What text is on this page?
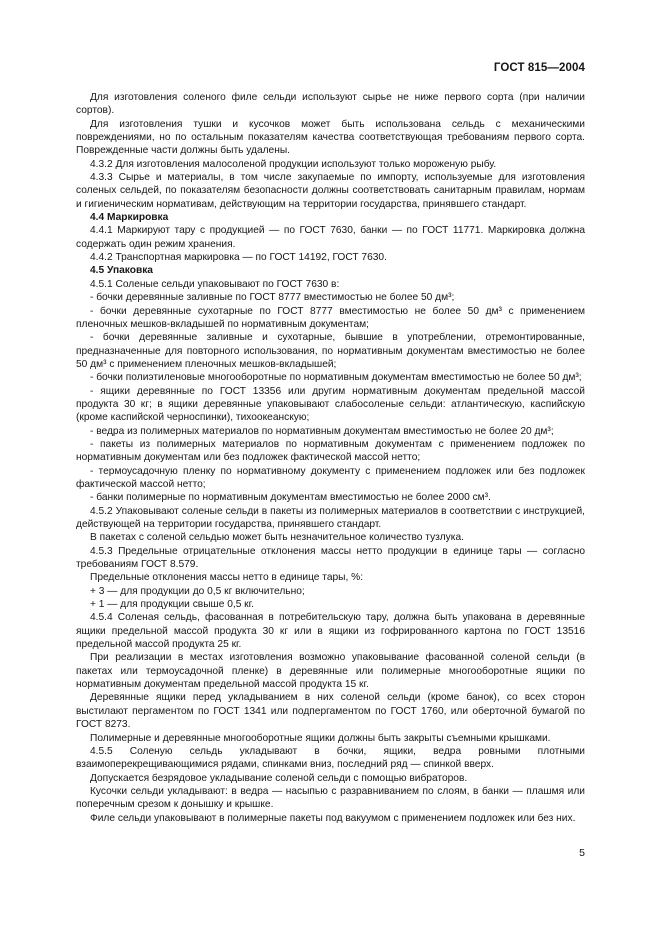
ГОСТ 815—2004

Для изготовления соленого филе сельди используют сырье не ниже первого сорта (при наличии сортов).

Для изготовления тушки и кусочков может быть использована сельдь с механическими повреждениями, но по остальным показателям качества соответствующая требованиям первого сорта. Поврежденные части должны быть удалены.

4.3.2 Для изготовления малосоленой продукции используют только мороженую рыбу.

4.3.3 Сырье и материалы, в том числе закупаемые по импорту, используемые для изготовления соленых сельдей, по показателям безопасности должны соответствовать санитарным правилам, нормам и гигиеническим нормативам, действующим на территории государства, принявшего стандарт.

4.4 Маркировка

4.4.1 Маркируют тару с продукцией — по ГОСТ 7630, банки — по ГОСТ 11771. Маркировка должна содержать один режим хранения.

4.4.2 Транспортная маркировка — по ГОСТ 14192, ГОСТ 7630.

4.5 Упаковка

4.5.1 Соленые сельди упаковывают по ГОСТ 7630 в:

- бочки деревянные заливные по ГОСТ 8777 вместимостью не более 50 дм³;

- бочки деревянные сухотарные по ГОСТ 8777 вместимостью не более 50 дм³ с применением пленочных мешков-вкладышей по нормативным документам;

- бочки деревянные заливные и сухотарные, бывшие в употреблении, отремонтированные, предназначенные для повторного использования, по нормативным документам вместимостью не более 50 дм³ с применением пленочных мешков-вкладышей;

- бочки полиэтиленовые многооборотные по нормативным документам вместимостью не более 50 дм³;

- ящики деревянные по ГОСТ 13356 или другим нормативным документам предельной массой продукта 30 кг; в ящики деревянные упаковывают слабосоленые сельди: атлантическую, каспийскую (кроме каспийской черноспинки), тихоокеанскую;

- ведра из полимерных материалов по нормативным документам вместимостью не более 20 дм³;

- пакеты из полимерных материалов по нормативным документам с применением подложек по нормативным документам или без подложек фактической массой нетто;

- термоусадочную пленку по нормативному документу с применением подложек или без подложек фактической массой нетто;

- банки полимерные по нормативным документам вместимостью не более 2000 см³.

4.5.2 Упаковывают соленые сельди в пакеты из полимерных материалов в соответствии с инструкцией, действующей на территории государства, принявшего стандарт.

В пакетах с соленой сельдью может быть незначительное количество тузлука.

4.5.3 Предельные отрицательные отклонения массы нетто продукции в единице тары — согласно требованиям ГОСТ 8.579.

Предельные отклонения массы нетто в единице тары, %:

+ 3 — для продукции до 0,5 кг включительно;

+ 1 — для продукции свыше 0,5 кг.

4.5.4 Соленая сельдь, фасованная в потребительскую тару, должна быть упакована в деревянные ящики предельной массой продукта 30 кг или в ящики из гофрированного картона по ГОСТ 13516 предельной массой продукта 25 кг.

При реализации в местах изготовления возможно упаковывание фасованной соленой сельди (в пакетах или термоусадочной пленке) в деревянные или полимерные многооборотные ящики по нормативным документам предельной массой продукта 15 кг.

Деревянные ящики перед укладыванием в них соленой сельди (кроме банок), со всех сторон выстилают пергаментом по ГОСТ 1341 или подпергаментом по ГОСТ 1760, или оберточной бумагой по ГОСТ 8273.

Полимерные и деревянные многооборотные ящики должны быть закрыты съемными крышками.

4.5.5 Соленую сельдь укладывают в бочки, ящики, ведра ровными плотными взаимоперекрещивающимися рядами, спинками вниз, последний ряд — спинкой вверх.

Допускается безрядовое укладывание соленой сельди с помощью вибраторов.

Кусочки сельди укладывают: в ведра — насыпью с разравниванием по слоям, в банки — плашмя или поперечным срезом к донышку и крышке.

Филе сельди упаковывают в полимерные пакеты под вакуумом с применением подложек или без них.

5
